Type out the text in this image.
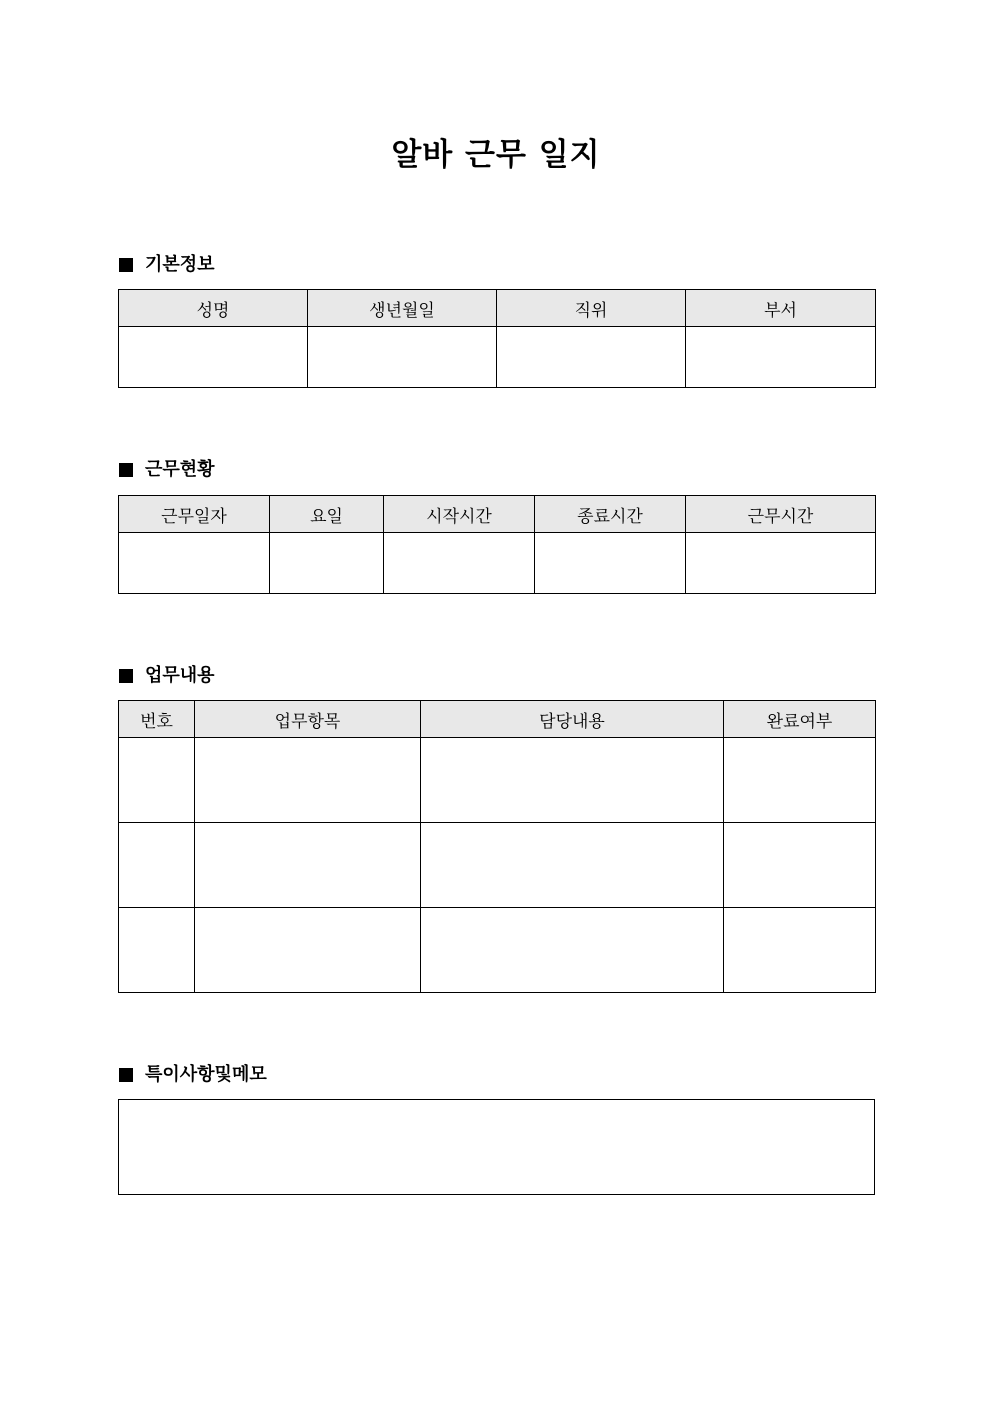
알바 근무 일지
기본정보
성명	생년월일	직위	부서

근무현황
근무일자	요일	시작시간	종료시간	근무시간

업무내용
번호	업무항목	담당내용	완료여부

특이사항및메모
